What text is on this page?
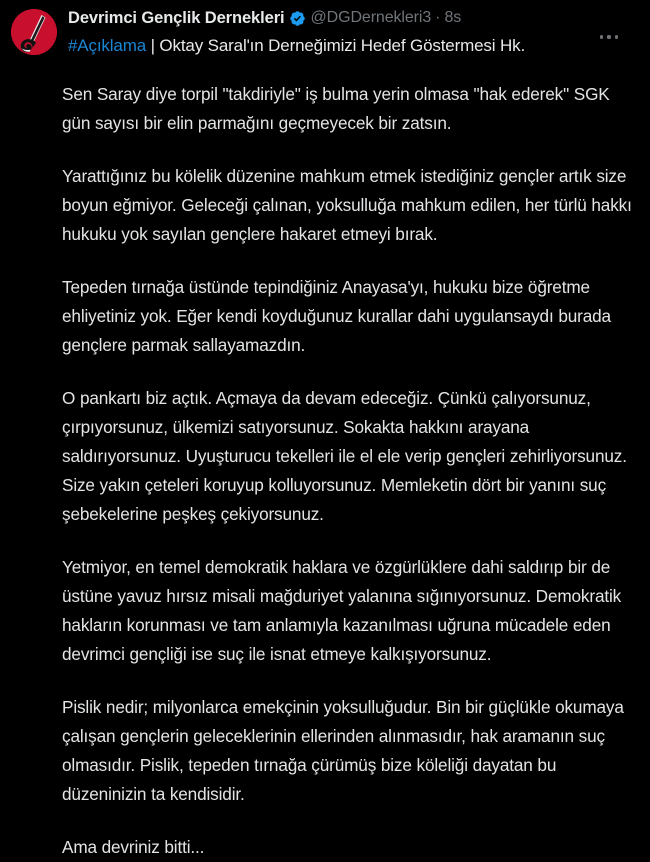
Devrimci Gençlik Dernekleri @DGDernekleri3 · 8s
#Açıklama | Oktay Saral'ın Derneğimizi Hedef Göstermesi Hk.

Sen Saray diye torpil "takdiriyle" iş bulma yerin olmasa "hak ederek" SGK gün sayısı bir elin parmağını geçmeyecek bir zatsın.

Yarattığınız bu kölelik düzenine mahkum etmek istediğiniz gençler artık size boyun eğmiyor. Geleceği çalınan, yoksulluğa mahkum edilen, her türlü hakkı hukuku yok sayılan gençlere hakaret etmeyi bırak.

Tepeden tırnağa üstünde tepindiğiniz Anayasa'yı, hukuku bize öğretme ehliyetiniz yok. Eğer kendi koyduğunuz kurallar dahi uygulansaydı burada gençlere parmak sallayamazdın.

O pankartı biz açtık. Açmaya da devam edeceğiz. Çünkü çalıyorsunuz, çırpıyorsunuz, ülkemizi satıyorsunuz. Sokakta hakkını arayana saldırıyorsunuz. Uyuşturucu tekelleri ile el ele verip gençleri zehirliyorsunuz. Size yakın çeteleri koruyup kolluyorsunuz. Memleketin dört bir yanını suç şebekelerine peşkeş çekiyorsunuz.

Yetmiyor, en temel demokratik haklara ve özgürlüklere dahi saldırıp bir de üstüne yavuz hırsız misali mağduriyet yalanına sığınıyorsunuz. Demokratik hakların korunması ve tam anlamıyla kazanılması uğruna mücadele eden devrimci gençliği ise suç ile isnat etmeye kalkışıyorsunuz.

Pislik nedir; milyonlarca emekçinin yoksulluğudur. Bin bir güçlükle okumaya çalışan gençlerin geleceklerinin ellerinden alınmasıdır, hak aramanın suç olmasıdır. Pislik, tepeden tırnağa çürümüş bize köleliği dayatan bu düzeninizin ta kendisidir.

Ama devriniz bitti...
